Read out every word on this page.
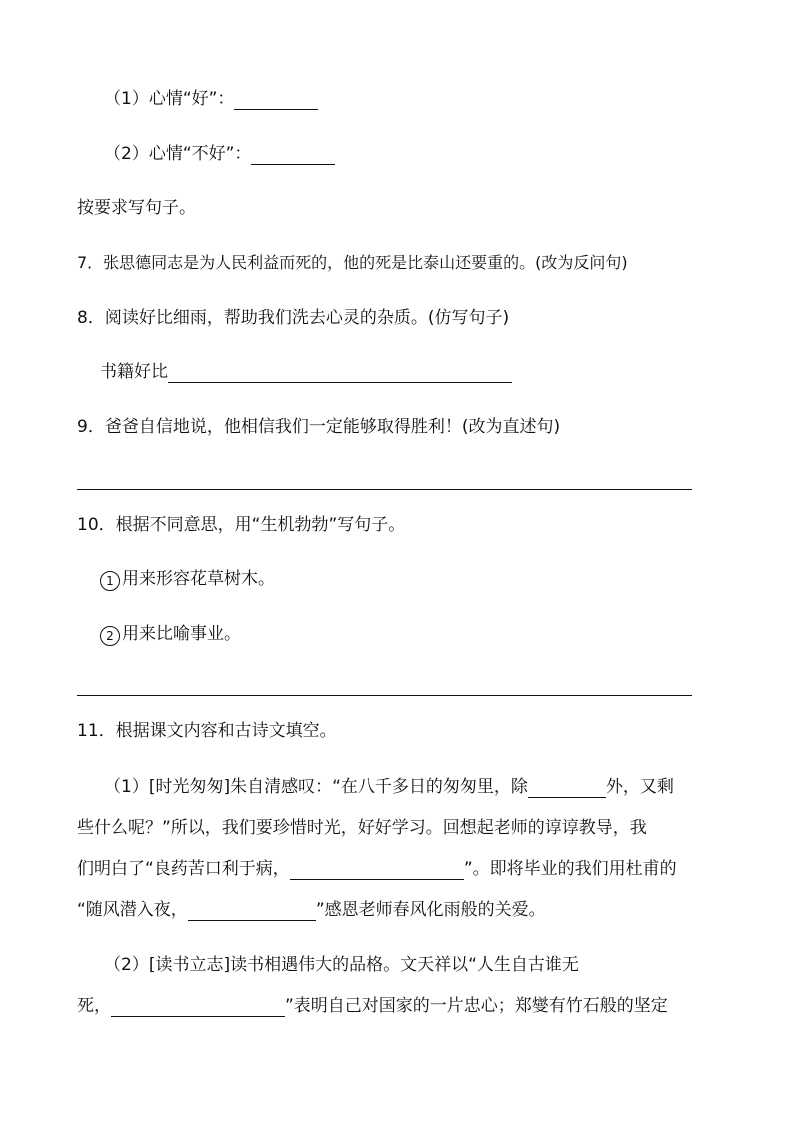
（1）心情“好”：
（2）心情“不好”：
按要求写句子。
7．张思德同志是为人民利益而死的，他的死是比泰山还要重的。(改为反问句)
8．阅读好比细雨，帮助我们洗去心灵的杂质。(仿写句子)
书籍好比
9．爸爸自信地说，他相信我们一定能够取得胜利！(改为直述句)
10．根据不同意思，用“生机勃勃”写句子。
1 用来形容花草树木。
2 用来比喻事业。
11．根据课文内容和古诗文填空。
（1）[时光匆匆]朱自清感叹：“在八千多日的匆匆里，除	外，又剩
些什么呢？”所以，我们要珍惜时光，好好学习。回想起老师的谆谆教导，我
们明白了“良药苦口利于病，	”。即将毕业的我们用杜甫的
“随风潜入夜，	”感恩老师春风化雨般的关爱。
（2）[读书立志]读书相遇伟大的品格。文天祥以“人生自古谁无
死，	”表明自己对国家的一片忠心；郑燮有竹石般的坚定
